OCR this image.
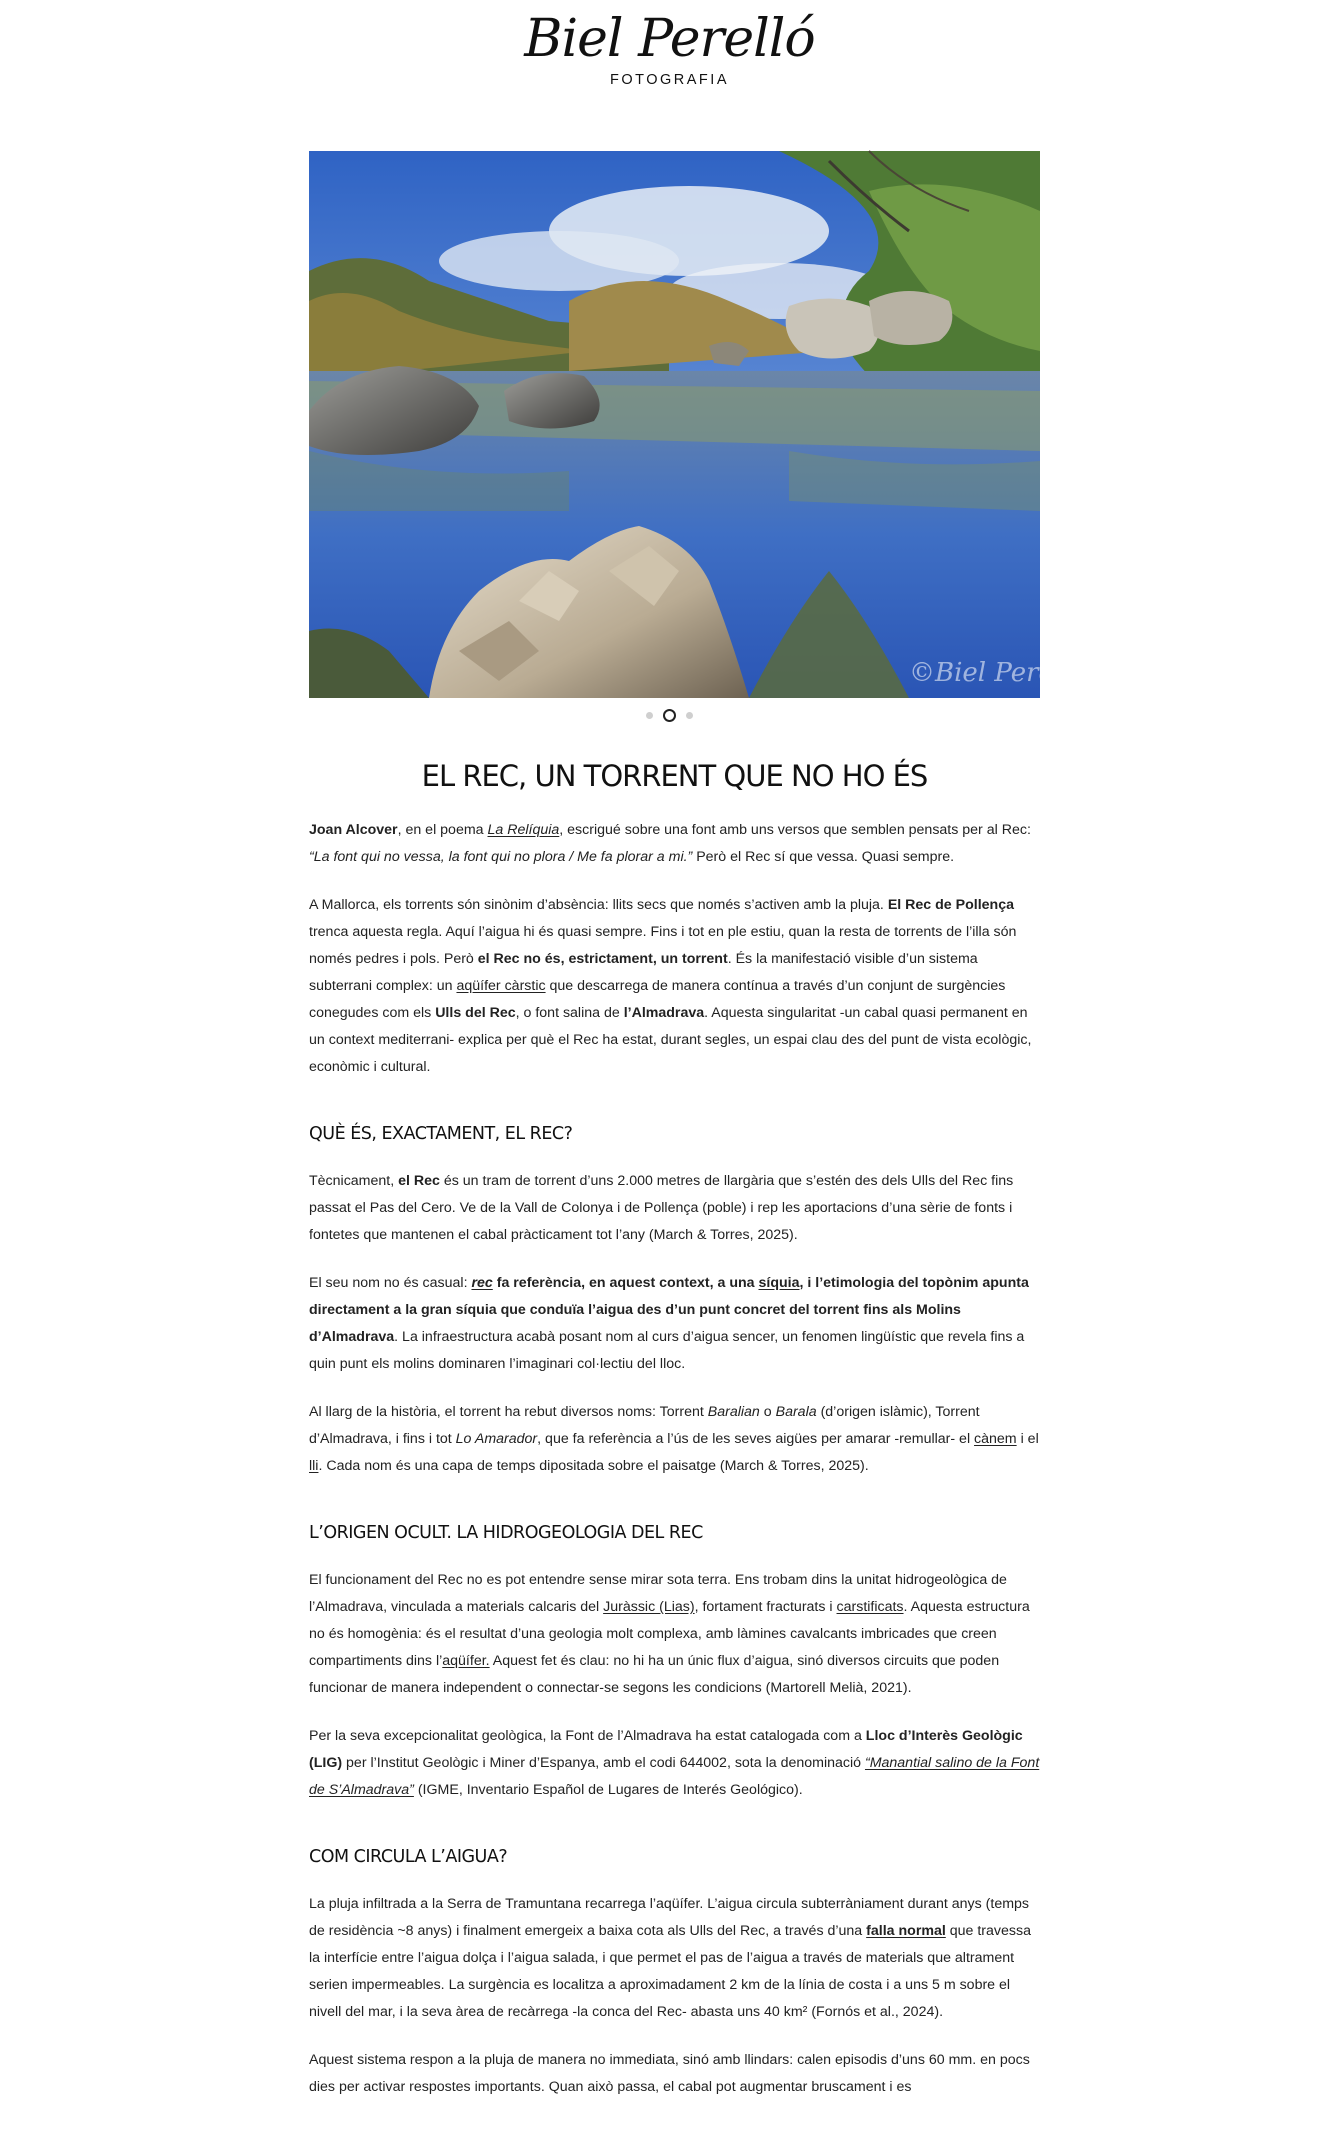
Biel Perelló
FOTOGRAFIA
©Biel Perelló
EL REC, UN TORRENT QUE NO HO ÉS

Joan Alcover, en el poema La Relíquia, escrigué sobre una font amb uns versos que semblen pensats per al Rec: “La font qui no vessa, la font qui no plora / Me fa plorar a mi.” Però el Rec sí que vessa. Quasi sempre.

A Mallorca, els torrents són sinònim d’absència: llits secs que només s’activen amb la pluja. El Rec de Pollença trenca aquesta regla. Aquí l’aigua hi és quasi sempre. Fins i tot en ple estiu, quan la resta de torrents de l’illa són només pedres i pols. Però el Rec no és, estrictament, un torrent. És la manifestació visible d’un sistema subterrani complex: un aqüífer càrstic que descarrega de manera contínua a través d’un conjunt de surgències conegudes com els Ulls del Rec, o font salina de l’Almadrava. Aquesta singularitat -un cabal quasi permanent en un context mediterrani- explica per què el Rec ha estat, durant segles, un espai clau des del punt de vista ecològic, econòmic i cultural.

QUÈ ÉS, EXACTAMENT, EL REC?

Tècnicament, el Rec és un tram de torrent d’uns 2.000 metres de llargària que s’estén des dels Ulls del Rec fins passat el Pas del Cero. Ve de la Vall de Colonya i de Pollença (poble) i rep les aportacions d’una sèrie de fonts i fontetes que mantenen el cabal pràcticament tot l’any (March & Torres, 2025).

El seu nom no és casual: rec fa referència, en aquest context, a una síquia, i l’etimologia del topònim apunta directament a la gran síquia que conduïa l’aigua des d’un punt concret del torrent fins als Molins d’Almadrava. La infraestructura acabà posant nom al curs d’aigua sencer, un fenomen lingüístic que revela fins a quin punt els molins dominaren l’imaginari col·lectiu del lloc.

Al llarg de la història, el torrent ha rebut diversos noms: Torrent Baralian o Barala (d’origen islàmic), Torrent d’Almadrava, i fins i tot Lo Amarador, que fa referència a l’ús de les seves aigües per amarar -remullar- el cànem i el lli. Cada nom és una capa de temps dipositada sobre el paisatge (March & Torres, 2025).

L’ORIGEN OCULT. LA HIDROGEOLOGIA DEL REC

El funcionament del Rec no es pot entendre sense mirar sota terra. Ens trobam dins la unitat hidrogeològica de l’Almadrava, vinculada a materials calcaris del Juràssic (Lias), fortament fracturats i carstificats. Aquesta estructura no és homogènia: és el resultat d’una geologia molt complexa, amb làmines cavalcants imbricades que creen compartiments dins l’aqüífer. Aquest fet és clau: no hi ha un únic flux d’aigua, sinó diversos circuits que poden funcionar de manera independent o connectar-se segons les condicions (Martorell Melià, 2021).

Per la seva excepcionalitat geològica, la Font de l’Almadrava ha estat catalogada com a Lloc d’Interès Geològic (LIG) per l’Institut Geològic i Miner d’Espanya, amb el codi 644002, sota la denominació “Manantial salino de la Font de S’Almadrava” (IGME, Inventario Español de Lugares de Interés Geológico).

COM CIRCULA L’AIGUA?

La pluja infiltrada a la Serra de Tramuntana recarrega l’aqüífer. L’aigua circula subterràniament durant anys (temps de residència ~8 anys) i finalment emergeix a baixa cota als Ulls del Rec, a través d’una falla normal que travessa la interfície entre l’aigua dolça i l’aigua salada, i que permet el pas de l’aigua a través de materials que altrament serien impermeables. La surgència es localitza a aproximadament 2 km de la línia de costa i a uns 5 m sobre el nivell del mar, i la seva àrea de recàrrega -la conca del Rec- abasta uns 40 km² (Fornós et al., 2024).

Aquest sistema respon a la pluja de manera no immediata, sinó amb llindars: calen episodis d’uns 60 mm. en pocs dies per activar respostes importants. Quan això passa, el cabal pot augmentar bruscament i es
